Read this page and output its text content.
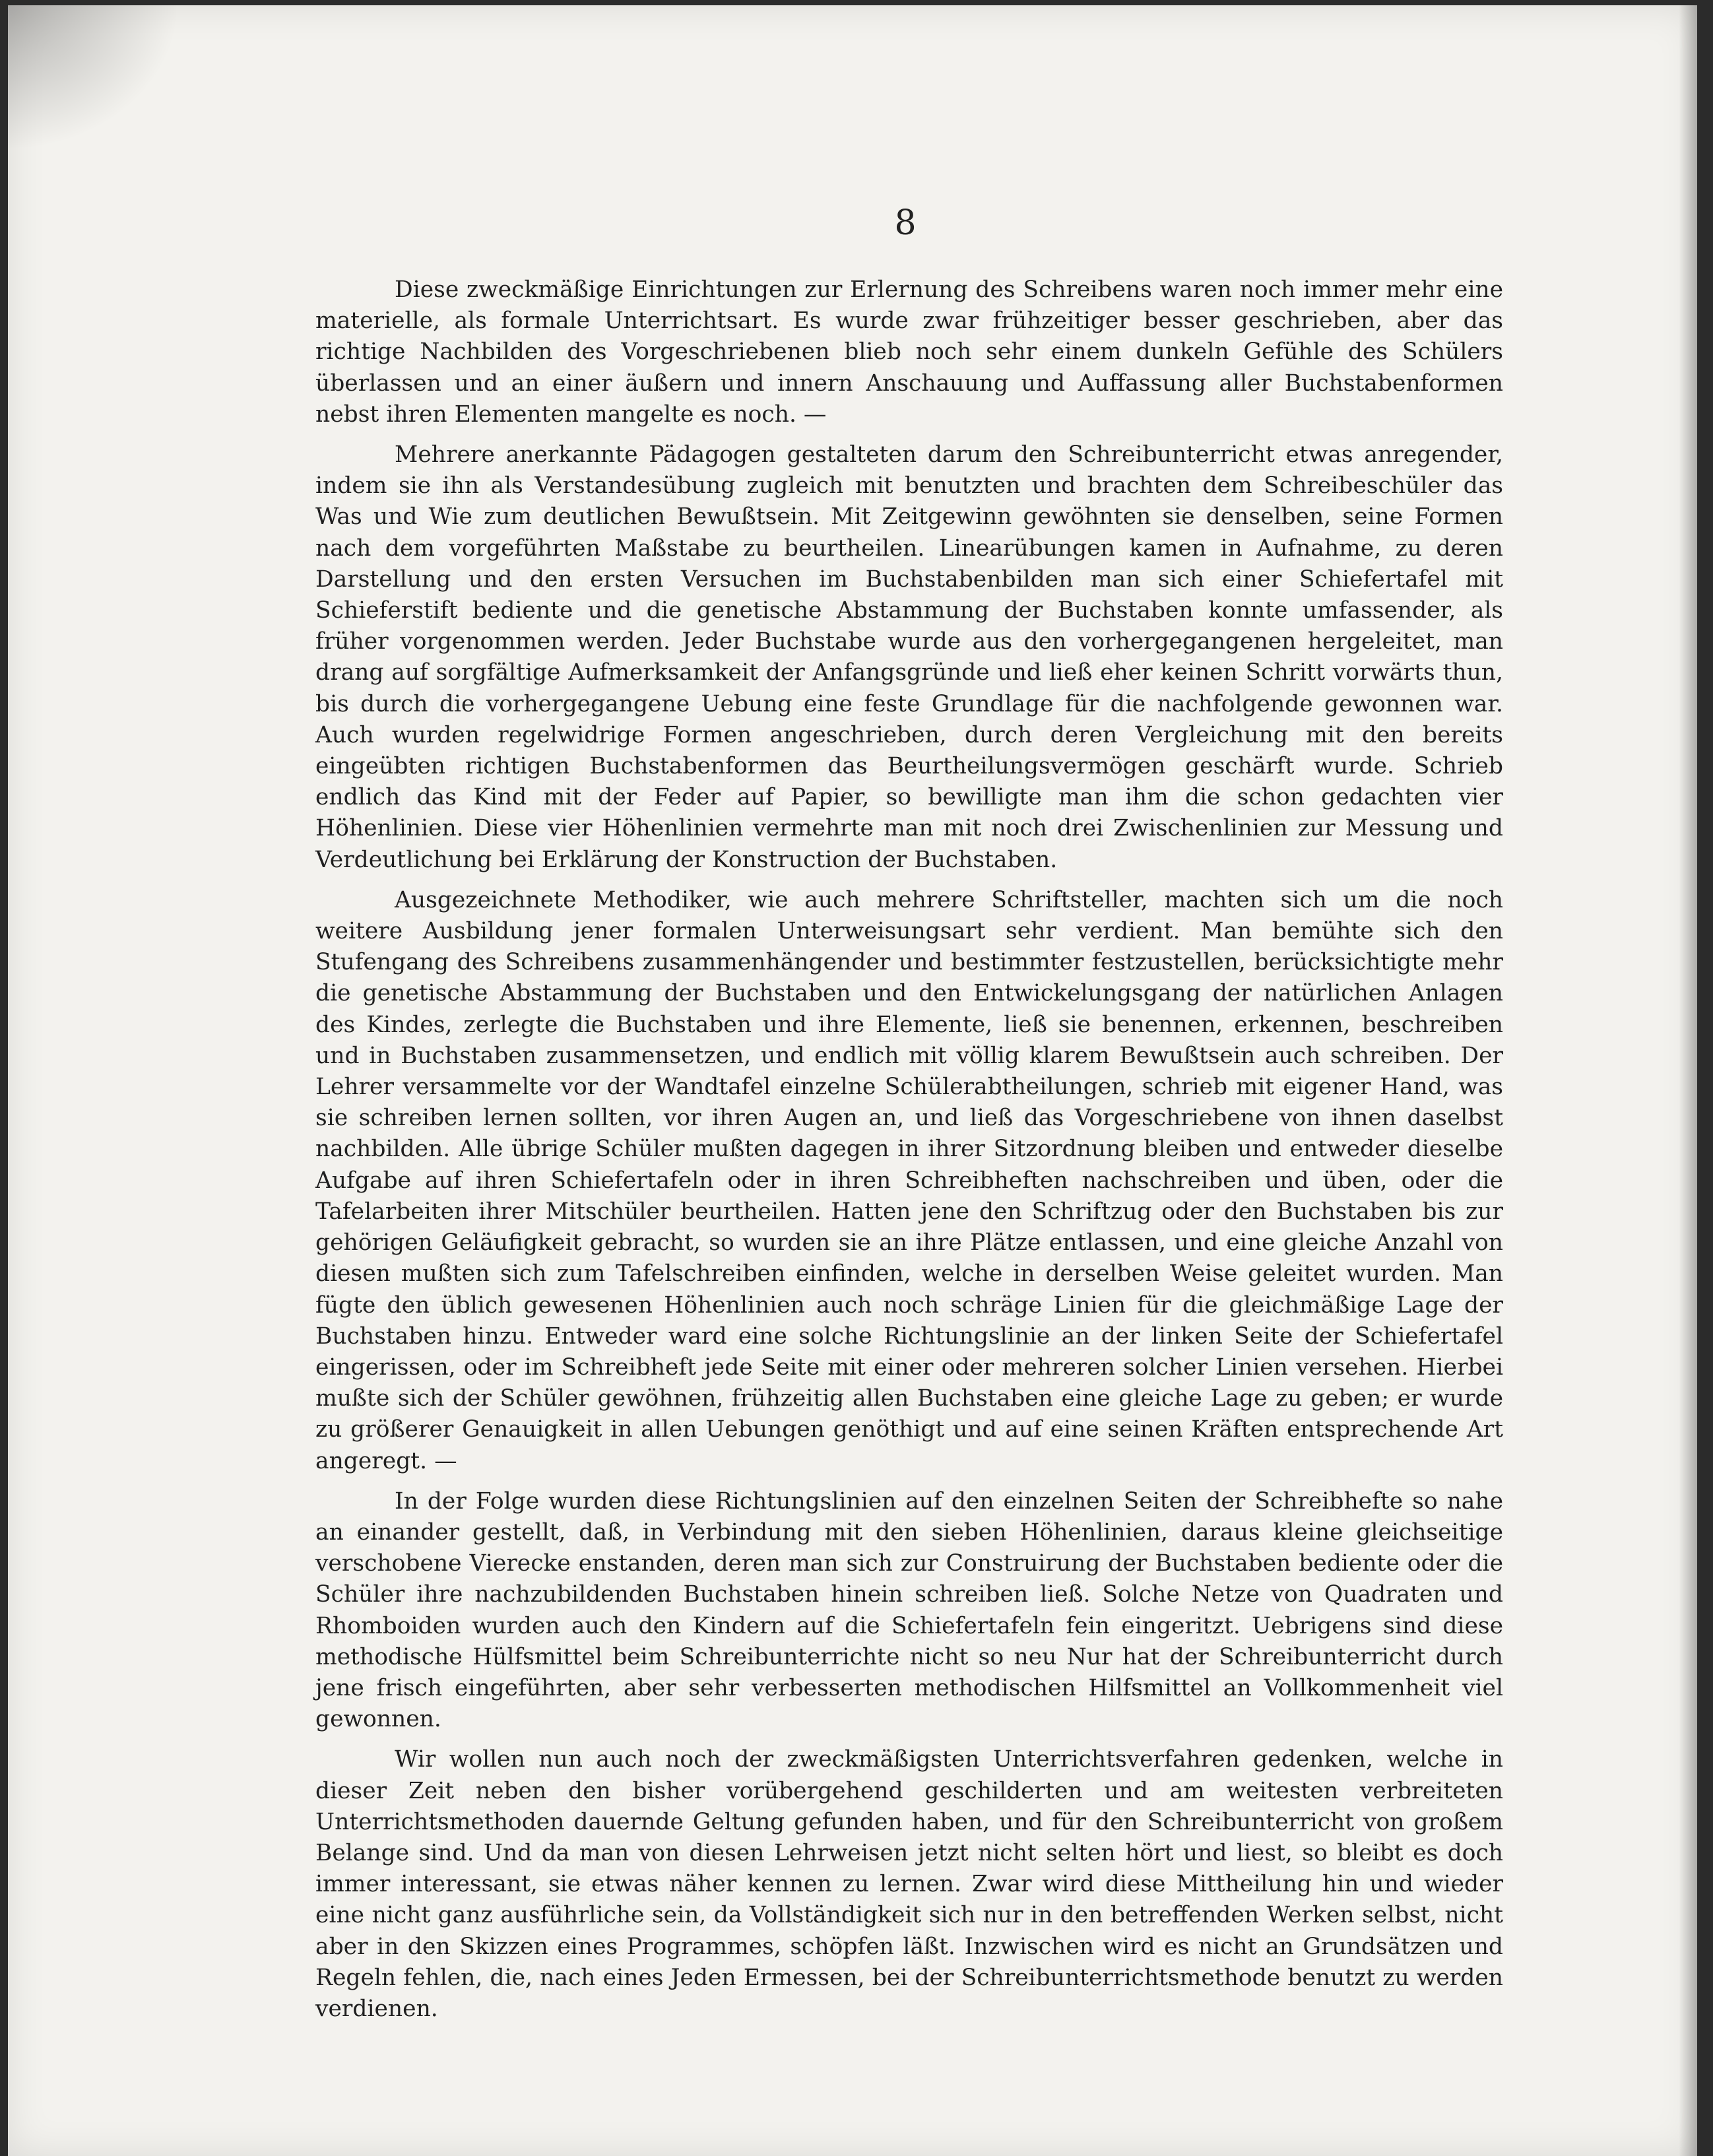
8

Diese zweckmäßige Einrichtungen zur Erlernung des Schreibens waren noch immer mehr eine materielle, als formale Unterrichtsart. Es wurde zwar frühzeitiger besser geschrieben, aber das richtige Nachbilden des Vorgeschriebenen blieb noch sehr einem dunkeln Gefühle des Schülers überlassen und an einer äußern und innern Anschauung und Auffassung aller Buchstabenformen nebst ihren Elementen mangelte es noch. —

Mehrere anerkannte Pädagogen gestalteten darum den Schreibunterricht etwas anregender, indem sie ihn als Verstandesübung zugleich mit benutzten und brachten dem Schreibeschüler das Was und Wie zum deutlichen Bewußtsein. Mit Zeitgewinn gewöhnten sie denselben, seine Formen nach dem vorgeführten Maßstabe zu beurtheilen. Linearübungen kamen in Aufnahme, zu deren Darstellung und den ersten Versuchen im Buchstabenbilden man sich einer Schiefertafel mit Schieferstift bediente und die genetische Abstammung der Buchstaben konnte umfassender, als früher vorgenommen werden. Jeder Buchstabe wurde aus den vorhergegangenen hergeleitet, man drang auf sorgfältige Aufmerksamkeit der Anfangsgründe und ließ eher keinen Schritt vorwärts thun, bis durch die vorhergegangene Uebung eine feste Grundlage für die nachfolgende gewonnen war. Auch wurden regelwidrige Formen angeschrieben, durch deren Vergleichung mit den bereits eingeübten richtigen Buchstabenformen das Beurtheilungsvermögen geschärft wurde. Schrieb endlich das Kind mit der Feder auf Papier, so bewilligte man ihm die schon gedachten vier Höhenlinien. Diese vier Höhenlinien vermehrte man mit noch drei Zwischenlinien zur Messung und Verdeutlichung bei Erklärung der Konstruction der Buchstaben.

Ausgezeichnete Methodiker, wie auch mehrere Schriftsteller, machten sich um die noch weitere Ausbildung jener formalen Unterweisungsart sehr verdient. Man bemühte sich den Stufengang des Schreibens zusammenhängender und bestimmter festzustellen, berücksichtigte mehr die genetische Abstammung der Buchstaben und den Entwickelungsgang der natürlichen Anlagen des Kindes, zerlegte die Buchstaben und ihre Elemente, ließ sie benennen, erkennen, beschreiben und in Buchstaben zusammensetzen, und endlich mit völlig klarem Bewußtsein auch schreiben. Der Lehrer versammelte vor der Wandtafel einzelne Schülerabtheilungen, schrieb mit eigener Hand, was sie schreiben lernen sollten, vor ihren Augen an, und ließ das Vorgeschriebene von ihnen daselbst nachbilden. Alle übrige Schüler mußten dagegen in ihrer Sitzordnung bleiben und entweder dieselbe Aufgabe auf ihren Schiefertafeln oder in ihren Schreibheften nachschreiben und üben, oder die Tafelarbeiten ihrer Mitschüler beurtheilen. Hatten jene den Schriftzug oder den Buchstaben bis zur gehörigen Geläufigkeit gebracht, so wurden sie an ihre Plätze entlassen, und eine gleiche Anzahl von diesen mußten sich zum Tafelschreiben einfinden, welche in derselben Weise geleitet wurden. Man fügte den üblich gewesenen Höhenlinien auch noch schräge Linien für die gleichmäßige Lage der Buchstaben hinzu. Entweder ward eine solche Richtungslinie an der linken Seite der Schiefertafel eingerissen, oder im Schreibheft jede Seite mit einer oder mehreren solcher Linien versehen. Hierbei mußte sich der Schüler gewöhnen, frühzeitig allen Buchstaben eine gleiche Lage zu geben; er wurde zu größerer Genauigkeit in allen Uebungen genöthigt und auf eine seinen Kräften entsprechende Art angeregt. —

In der Folge wurden diese Richtungslinien auf den einzelnen Seiten der Schreibhefte so nahe an einander gestellt, daß, in Verbindung mit den sieben Höhenlinien, daraus kleine gleichseitige verschobene Vierecke enstanden, deren man sich zur Construirung der Buchstaben bediente oder die Schüler ihre nachzubildenden Buchstaben hinein schreiben ließ. Solche Netze von Quadraten und Rhomboiden wurden auch den Kindern auf die Schiefertafeln fein eingeritzt. Uebrigens sind diese methodische Hülfsmittel beim Schreibunterrichte nicht so neu Nur hat der Schreibunterricht durch jene frisch eingeführten, aber sehr verbesserten methodischen Hilfsmittel an Vollkommenheit viel gewonnen.

Wir wollen nun auch noch der zweckmäßigsten Unterrichtsverfahren gedenken, welche in dieser Zeit neben den bisher vorübergehend geschilderten und am weitesten verbreiteten Unterrichtsmethoden dauernde Geltung gefunden haben, und für den Schreibunterricht von großem Belange sind. Und da man von diesen Lehrweisen jetzt nicht selten hört und liest, so bleibt es doch immer interessant, sie etwas näher kennen zu lernen. Zwar wird diese Mittheilung hin und wieder eine nicht ganz ausführliche sein, da Vollständigkeit sich nur in den betreffenden Werken selbst, nicht aber in den Skizzen eines Programmes, schöpfen läßt. Inzwischen wird es nicht an Grundsätzen und Regeln fehlen, die, nach eines Jeden Ermessen, bei der Schreibunterrichtsmethode benutzt zu werden verdienen.
